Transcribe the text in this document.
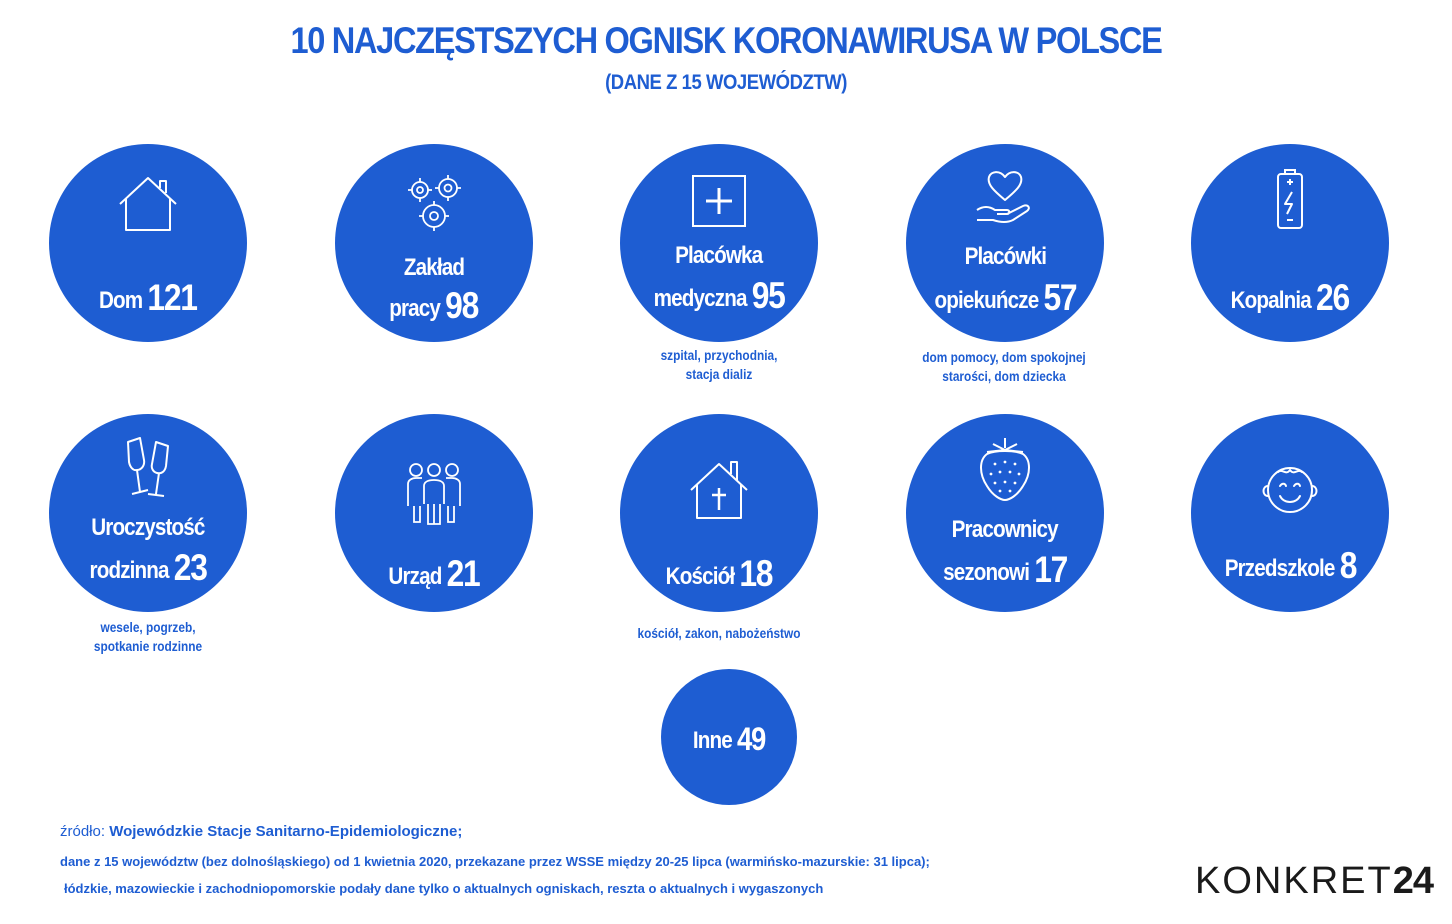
10 NAJCZĘSTSZYCH OGNISK KORONAWIRUSA W POLSCE
(DANE Z 15 WOJEWÓDZTW)
Dom 121
Zakład
pracy 98
Placówka
medyczna 95
szpital, przychodnia,
stacja dializ
Placówki
opiekuńcze 57
dom pomocy, dom spokojnej
starości, dom dziecka
Kopalnia 26
Uroczystość
rodzinna 23
wesele, pogrzeb,
spotkanie rodzinne
Urząd 21	Kościół 18
kościół, zakon, nabożeństwo
Pracownicy
sezonowi 17	Przedszkole 8
Inne 49
źródło: Wojewódzkie Stacje Sanitarno-Epidemiologiczne;
dane z 15 województw (bez dolnośląskiego) od 1 kwietnia 2020, przekazane przez WSSE między 20-25 lipca (warmińsko-mazurskie: 31 lipca);
łódzkie, mazowieckie i zachodniopomorskie podały dane tylko o aktualnych ogniskach, reszta o aktualnych i wygaszonych	KONKRET24
